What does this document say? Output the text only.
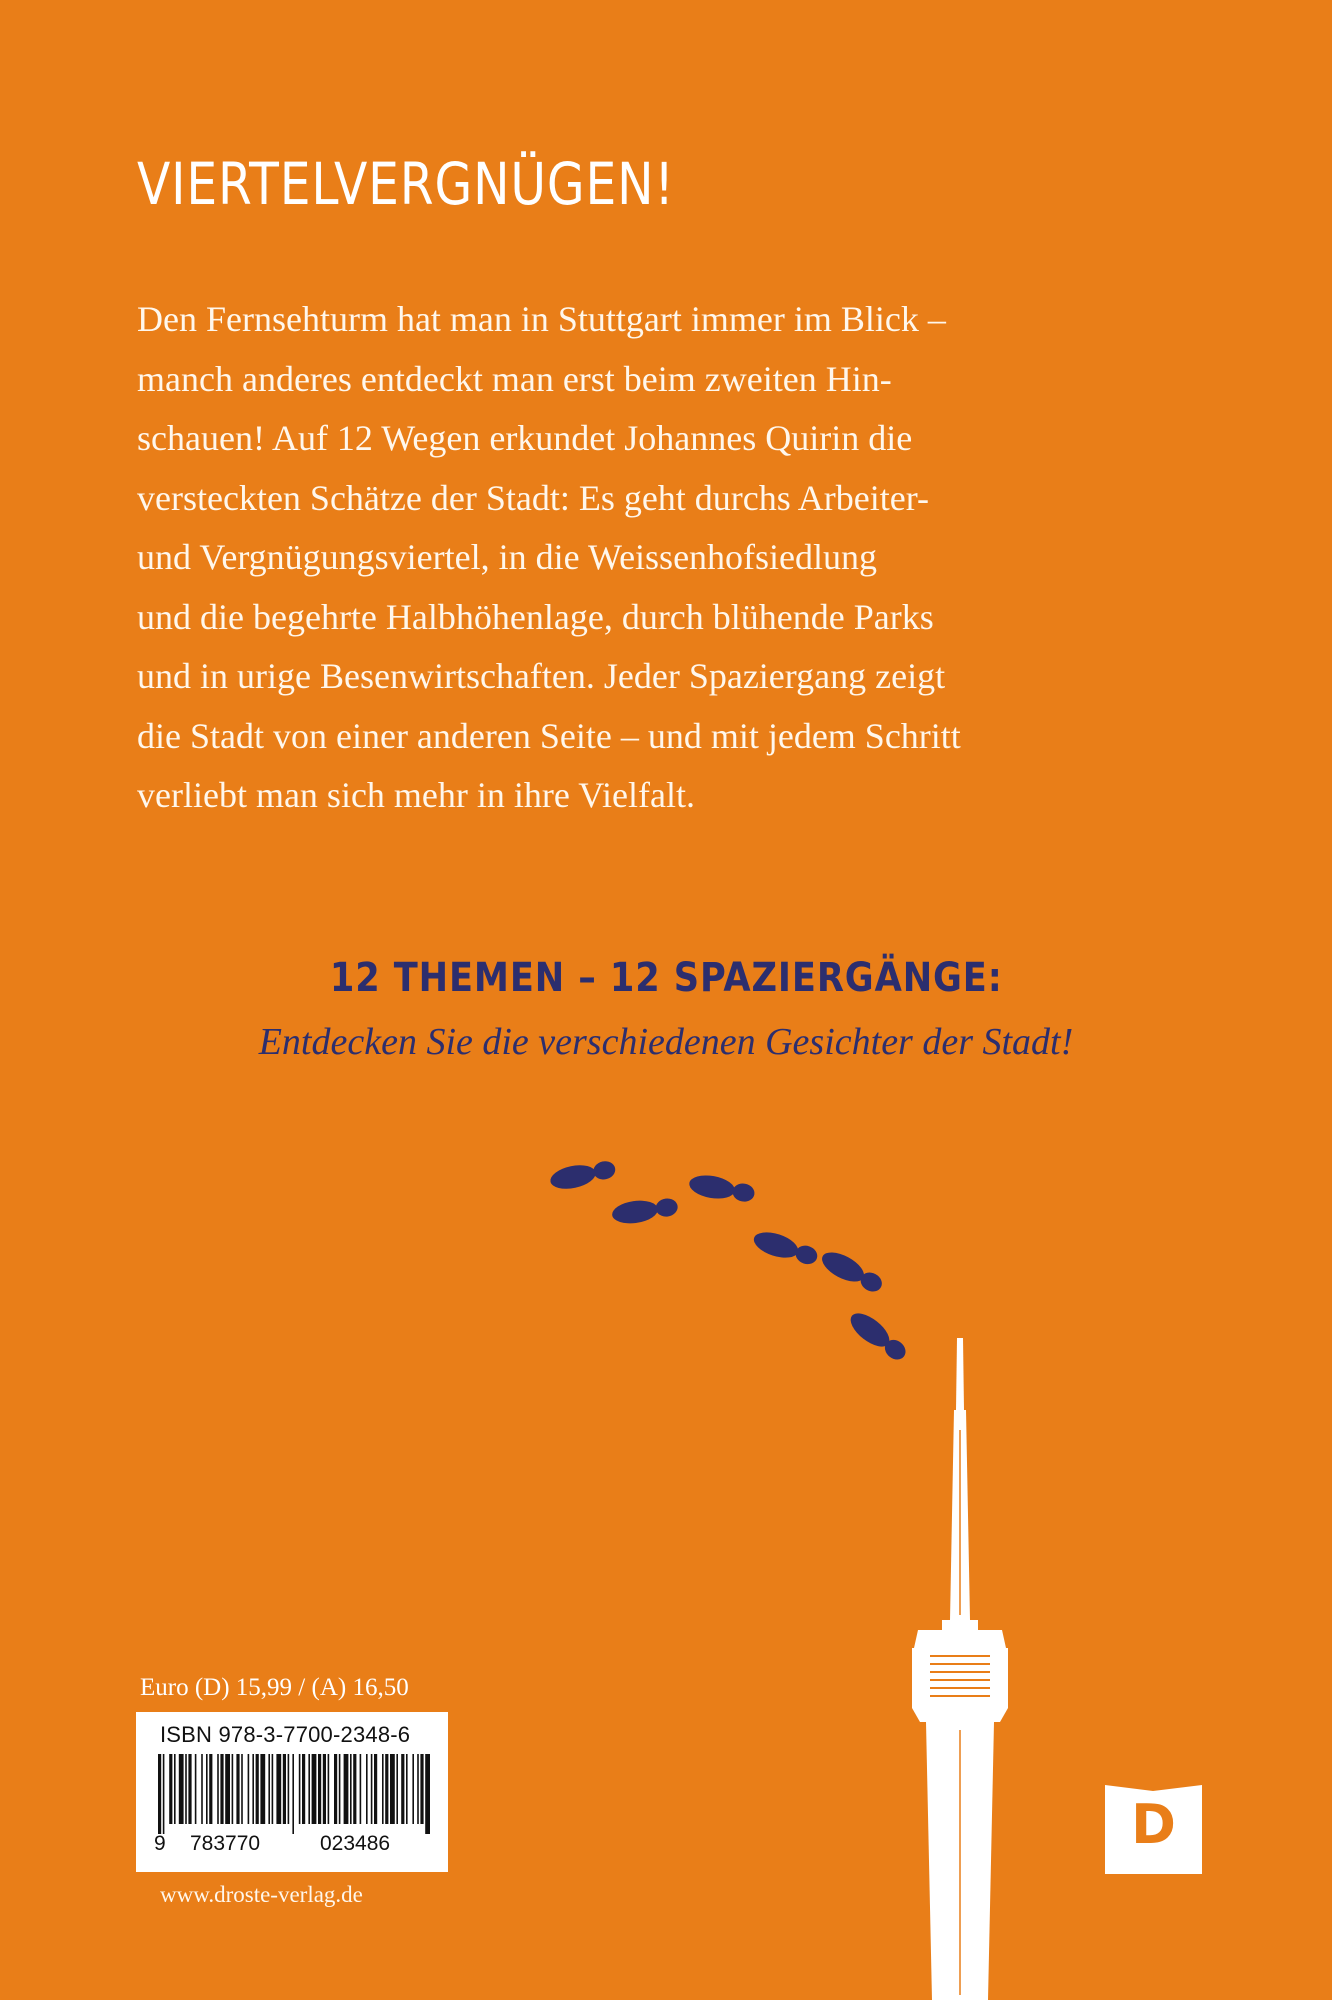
VIERTELVERGNÜGEN!
Den Fernsehturm hat man in Stuttgart immer im Blick –
manch anderes entdeckt man erst beim zweiten Hin-
schauen! Auf 12 Wegen erkundet Johannes Quirin die
versteckten Schätze der Stadt: Es geht durchs Arbeiter-
und Vergnügungsviertel, in die Weissenhofsiedlung
und die begehrte Halbhöhenlage, durch blühende Parks
und in urige Besenwirtschaften. Jeder Spaziergang zeigt
die Stadt von einer anderen Seite – und mit jedem Schritt
verliebt man sich mehr in ihre Vielfalt.
12 THEMEN – 12 SPAZIERGÄNGE:
Entdecken Sie die verschiedenen Gesichter der Stadt!
Euro (D) 15,99 / (A) 16,50
ISBN 978-3-7700-2348-6
9 783770	023486
www.droste-verlag.de
D
